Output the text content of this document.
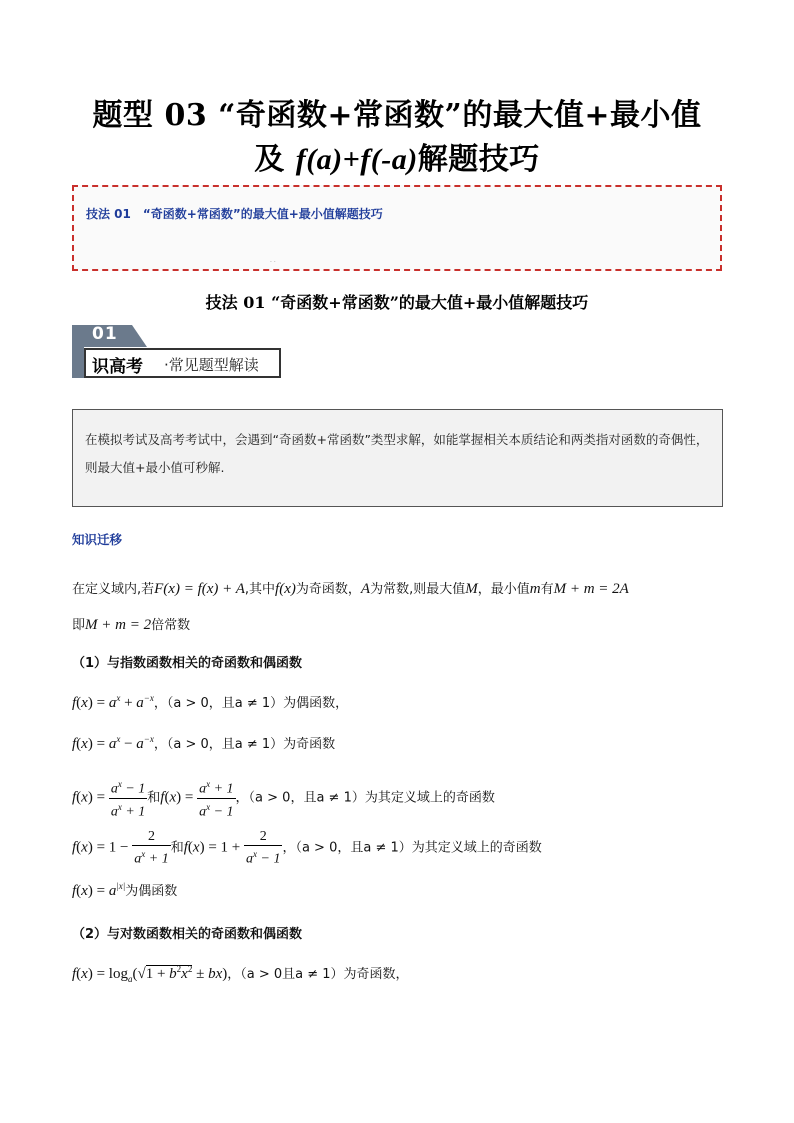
题型 03 “奇函数+常函数”的最大值+最小值
及 f(a)+f(-a)解题技巧
技法 01　“奇函数+常函数”的最大值+最小值解题技巧
· ·
技法 01 “奇函数+常函数”的最大值+最小值解题技巧
01
识高考 ·常见题型解读
在模拟考试及高考考试中，会遇到“奇函数+常函数”类型求解，如能掌握相关本质结论和两类指对函数的奇偶性，则最大值+最小值可秒解.
知识迁移
在定义域内,若F(x) = f(x) + A,其中f(x)为奇函数，A为常数,则最大值M，最小值m有M + m = 2A
即M + m = 2倍常数
（1）与指数函数相关的奇函数和偶函数
$f(x) = a^x + a^{-x}$，（a > 0，且a ≠ 1）为偶函数，
$f(x) = a^x - a^{-x}$，（a > 0，且a ≠ 1）为奇函数
$f(x) = \frac{a^x - 1}{a^x + 1}$ 和$f(x) = \frac{a^x + 1}{a^x - 1}$ ，（a > 0，且a ≠ 1）为其定义域上的奇函数
$f(x) = 1 - \frac{2}{a^x + 1}$ 和$f(x) = 1 + \frac{2}{a^x - 1}$ ，（a > 0，且a ≠ 1）为其定义域上的奇函数
$f(x) = a^{|x|}$为偶函数
（2）与对数函数相关的奇函数和偶函数
$f(x) = \log_a(√1 + b^2x^2 \pm bx)$，（a > 0且a ≠ 1）为奇函数，
